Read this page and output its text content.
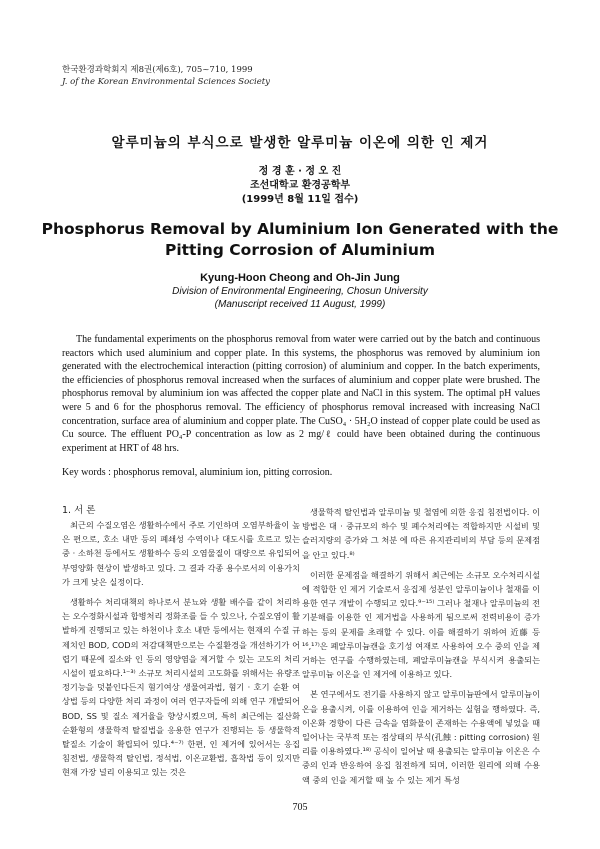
한국환경과학회지 제8권(제6호), 705~710, 1999
J. of the Korean Environmental Sciences Society
알루미늄의 부식으로 발생한 알루미늄 이온에 의한 인 제거
정 경 훈 · 정 오 진
조선대학교 환경공학부
(1999년 8월 11일 접수)
Phosphorus Removal by Aluminium Ion Generated with the
Pitting Corrosion of Aluminium
Kyung-Hoon Cheong and Oh-Jin Jung
Division of Environmental Engineering, Chosun University
(Manuscript received 11 August, 1999)

The fundamental experiments on the phosphorus removal from water were carried out by the batch and continuous reactors which used aluminium and copper plate. In this systems, the phosphorus was removed by aluminium ion generated with the electrochemical interaction (pitting corrosion) of aluminium and copper. In the batch experiments, the efficiencies of phosphorus removal increased when the surfaces of aluminium and copper plate were brushed. The phosphorus removal by aluminium ion was affected the copper plate and NaCl in this system. The optimal pH values were 5 and 6 for the phosphorus removal. The efficiency of phosphorus removal increased with increasing NaCl concentration, surface area of aluminium and copper plate. The CuSO₄ · 5H₂O instead of copper plate could be used as Cu source. The effluent PO₄-P concentration as low as 2 mg/ℓ could have been obtained during the continuous experiment at HRT of 48 hrs.

Key words : phosphorus removal, aluminium ion, pitting corrosion.
1. 서 론

최근의 수질오염은 생활하수에서 주로 기인하며 오염부하율이 높은 편으로, 호소 내만 등의 폐쇄성 수역이나 대도시를 흐르고 있는 중 · 소하천 등에서도 생활하수 등의 오염물질이 대량으로 유입되어 부영양화 현상이 발생하고 있다. 그 결과 각종 용수로서의 이용가치가 크게 낮은 실정이다.

생활하수 처리대책의 하나로서 분뇨와 생활 배수를 같이 처리하는 오수정화시설과 합병처리 정화조를 들 수 있으나, 수질오염이 활발하게 진행되고 있는 하천이나 호소 내만 등에서는 현재의 수질 규제치인 BOD, COD의 저감대책만으로는 수질환경을 개선하기가 어렵기 때문에 질소와 인 등의 영양염을 제거할 수 있는 고도의 처리시설이 필요하다.¹⁻³⁾ 소규모 처리시설의 고도화를 위해서는 유량조정기능을 덧붙인다든지 혐기여상 생물여과법, 혐기 · 호기 순환 여상법 등의 다양한 처리 과정이 여러 연구자들에 의해 연구 개발되어 BOD, SS 및 질소 제거율을 향상시켰으며, 특히 최근에는 질산화 순환형의 생물학적 탈질법을 응용한 연구가 진행되는 등 생물학적 탈질소 기술이 확립되어 있다.⁴⁻⁷⁾ 한편, 인 제거에 있어서는 응집 침전법, 생물학적 탈인법, 정석법, 이온교환법, 흡착법 등이 있지만 현재 가장 널리 이용되고 있는 것은

생물학적 탈인법과 알루미늄 및 철염에 의한 응집 침전법이다. 이 방법은 대 · 중규모의 하수 및 폐수처리에는 적합하지만 시설비 및 슬러지량의 증가와 그 처분 에 따른 유지관리비의 부담 등의 문제점을 안고 있다.⁸⁾

이러한 문제점을 해결하기 위해서 최근에는 소규모 오수처리시설에 적합한 인 제거 기술로서 응집제 성분인 알루미늄이나 철재를 이용한 연구 개발이 수행되고 있다.⁹⁻¹⁵⁾ 그러나 철재나 알루미늄의 전기분해를 이용한 인 제거법을 사용하게 됨으로써 전력비용이 증가하는 등의 문제를 초래할 수 있다. 이를 해결하기 위하여 近藤 등¹⁶,¹⁷⁾은 폐알루미늄캔을 호기성 여재로 사용하여 오수 중의 인을 제거하는 연구를 수행하였는데, 폐알루미늄캔을 부식시켜 용출되는 알루미늄 이온을 인 제거에 이용하고 있다.

본 연구에서도 전기를 사용하지 않고 알루미늄판에서 알루미늄이온을 용출시켜, 이를 이용하여 인을 제거하는 실험을 행하였다. 즉, 이온화 경향이 다른 금속을 염화물이 존재하는 수용액에 넣었을 때 일어나는 국부적 또는 점상태의 부식(孔蝕 : pitting corrosion) 원리를 이용하였다.¹⁸⁾ 공식이 일어날 때 용출되는 알루미늄 이온은 수중의 인과 반응하여 응집 침전하게 되며, 이러한 원리에 의해 수용액 중의 인을 제거할 때 높 수 있는 제거 특성

705
